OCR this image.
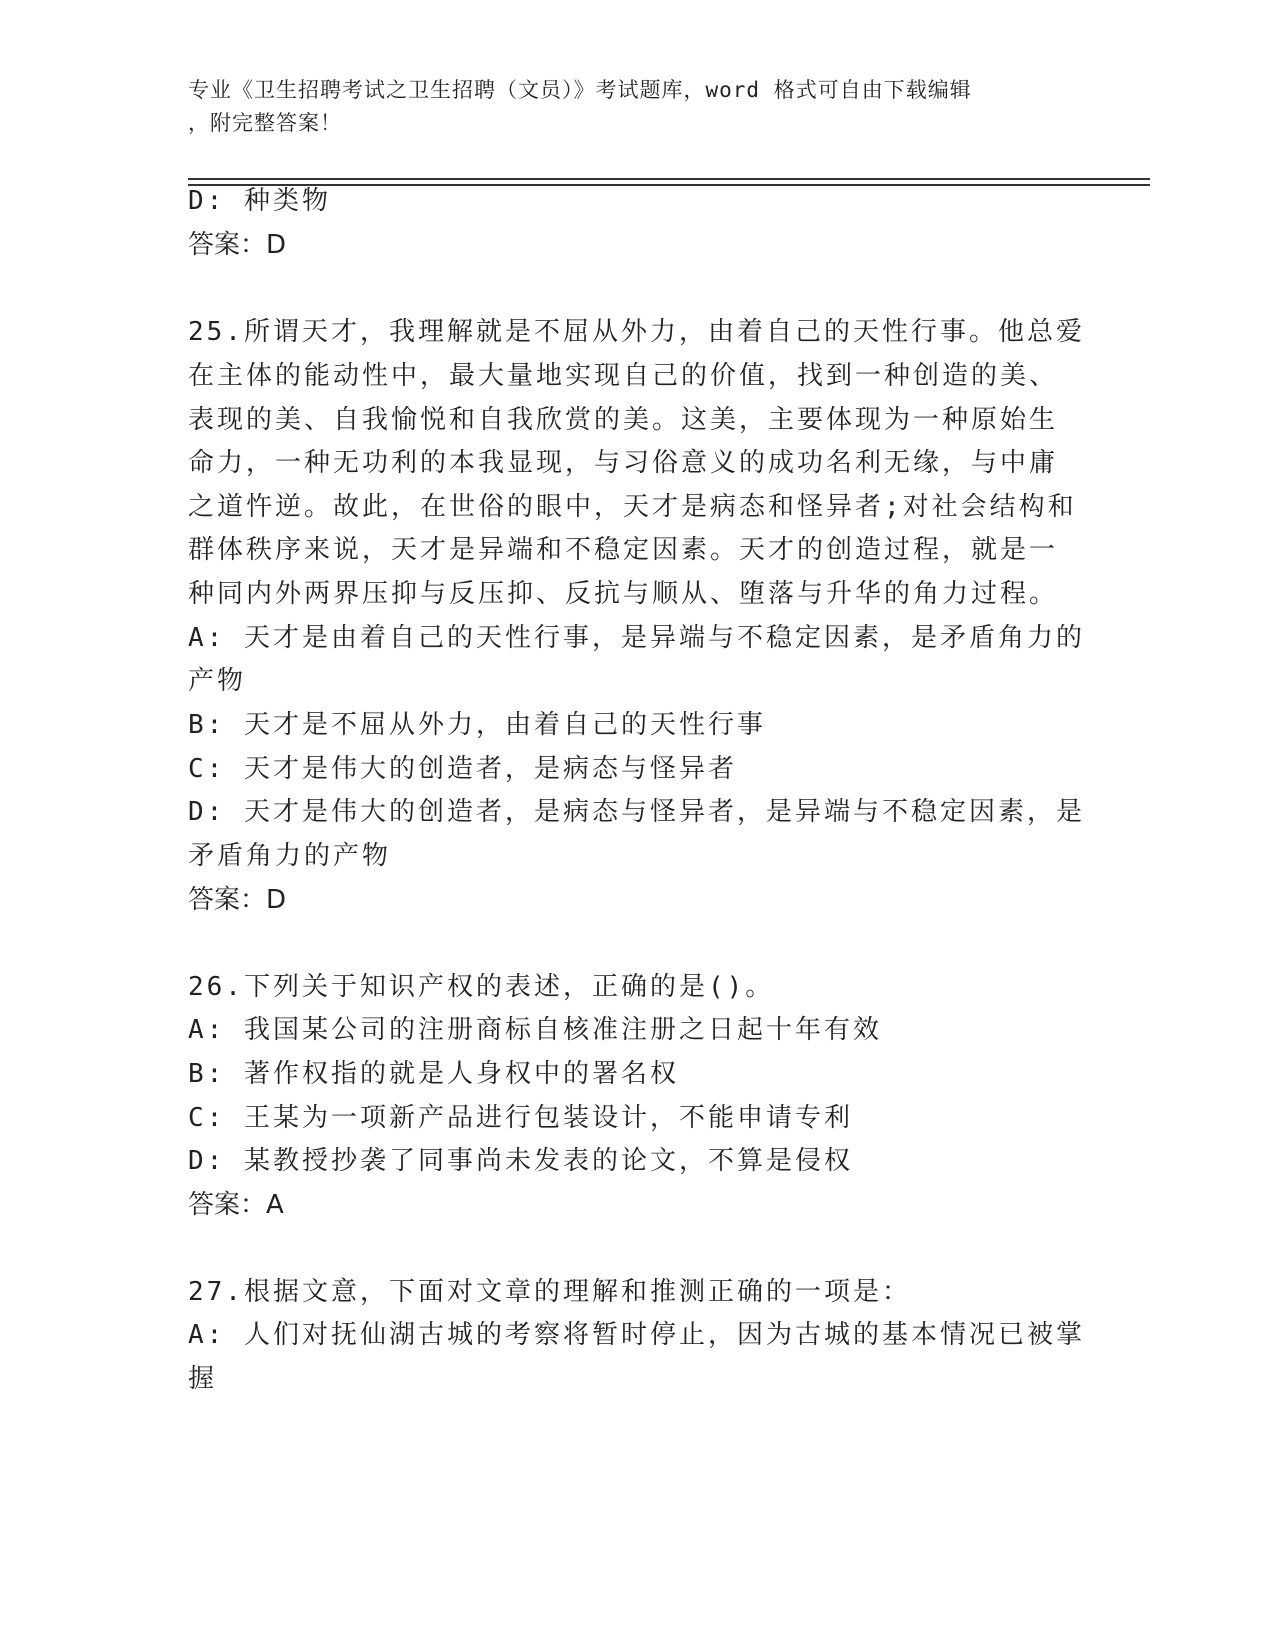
专业《卫生招聘考试之卫生招聘（文员）》考试题库，word 格式可自由下载编辑
，附完整答案！
D: 种类物
答案：D
25.所谓天才，我理解就是不屈从外力，由着自己的天性行事。他总爱
在主体的能动性中，最大量地实现自己的价值，找到一种创造的美、
表现的美、自我愉悦和自我欣赏的美。这美，主要体现为一种原始生
命力，一种无功利的本我显现，与习俗意义的成功名利无缘，与中庸
之道忤逆。故此，在世俗的眼中，天才是病态和怪异者;对社会结构和
群体秩序来说，天才是异端和不稳定因素。天才的创造过程，就是一
种同内外两界压抑与反压抑、反抗与顺从、堕落与升华的角力过程。
A: 天才是由着自己的天性行事，是异端与不稳定因素，是矛盾角力的
产物
B: 天才是不屈从外力，由着自己的天性行事
C: 天才是伟大的创造者，是病态与怪异者
D: 天才是伟大的创造者，是病态与怪异者，是异端与不稳定因素，是
矛盾角力的产物
答案：D
26.下列关于知识产权的表述，正确的是()。
A: 我国某公司的注册商标自核准注册之日起十年有效
B: 著作权指的就是人身权中的署名权
C: 王某为一项新产品进行包装设计，不能申请专利
D: 某教授抄袭了同事尚未发表的论文，不算是侵权
答案：A
27.根据文意，下面对文章的理解和推测正确的一项是：
A: 人们对抚仙湖古城的考察将暂时停止，因为古城的基本情况已被掌
握
